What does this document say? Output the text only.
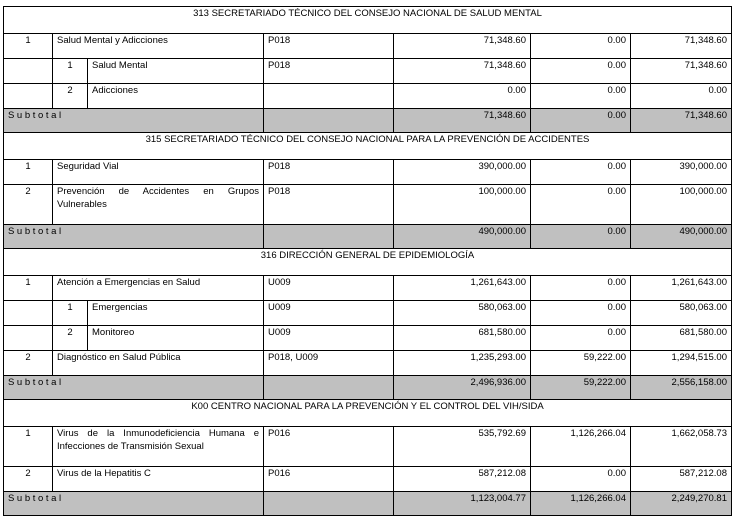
313 SECRETARIADO TÉCNICO DEL CONSEJO NACIONAL DE SALUD MENTAL						
1	Salud Mental y Adicciones		P018	71,348.60	0.00	71,348.60
	1	Salud Mental	P018	71,348.60	0.00	71,348.60
	2	Adicciones		0.00	0.00	0.00
Subtotal				71,348.60	0.00	71,348.60
315 SECRETARIADO TÉCNICO DEL CONSEJO NACIONAL PARA LA PREVENCIÓN DE ACCIDENTES						
1	Seguridad Vial		P018	390,000.00	0.00	390,000.00
2	Prevención de Accidentes en Grupos Vulnerables		P018	100,000.00	0.00	100,000.00
Subtotal				490,000.00	0.00	490,000.00
316 DIRECCIÓN GENERAL DE EPIDEMIOLOGÍA						
1	Atención a Emergencias en Salud		U009	1,261,643.00	0.00	1,261,643.00
	1	Emergencias	U009	580,063.00	0.00	580,063.00
	2	Monitoreo	U009	681,580.00	0.00	681,580.00
2	Diagnóstico en Salud Pública		P018, U009	1,235,293.00	59,222.00	1,294,515.00
Subtotal				2,496,936.00	59,222.00	2,556,158.00
K00 CENTRO NACIONAL PARA LA PREVENCIÓN Y EL CONTROL DEL VIH/SIDA						
1	Virus de la Inmunodeficiencia Humana e Infecciones de Transmisión Sexual		P016	535,792.69	1,126,266.04	1,662,058.73
2	Virus de la Hepatitis C		P016	587,212.08	0.00	587,212.08
Subtotal				1,123,004.77	1,126,266.04	2,249,270.81
